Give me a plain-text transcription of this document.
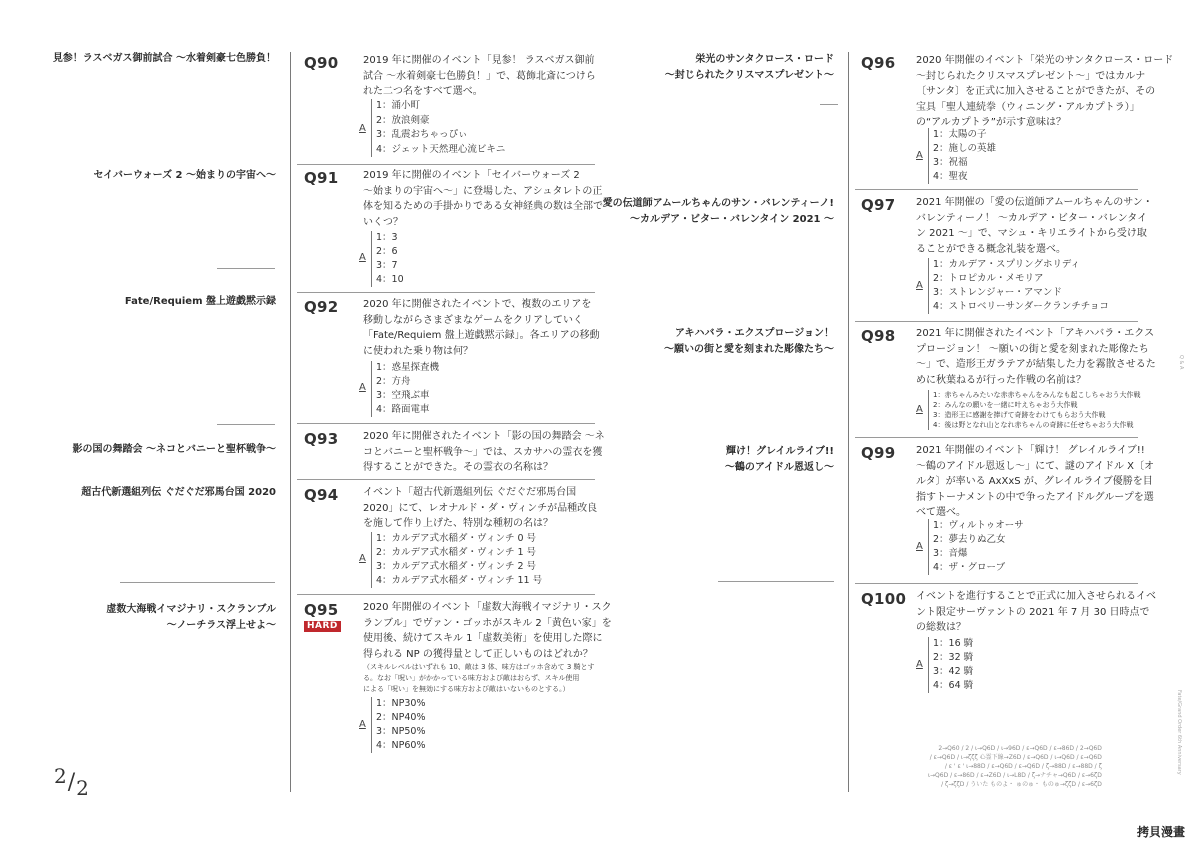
見参！ラスベガス御前試合 ～水着剣豪七色勝負！
セイバーウォーズ 2 ～始まりの宇宙へ～
Fate/Requiem 盤上遊戯黙示録
影の国の舞踏会 ～ネコとバニーと聖杯戦争～
超古代新選組列伝 ぐだぐだ邪馬台国 2020
虚数大海戦イマジナリ・スクランブル
～ノーチラス浮上せよ～
栄光のサンタクロース・ロード
～封じられたクリスマスプレゼント～
愛の伝道師アムールちゃんのサン・バレンティーノ!
～カルデア・ビター・バレンタイン 2021 ～
アキハバラ・エクスプロージョン！
～願いの街と愛を刻まれた彫像たち～
輝け！グレイルライブ!!
～鶴のアイドル恩返し～
Q90 2019 年に開催のイベント「見参！ ラスベガス御前
試合 ～水着剣豪七色勝負！」で、葛飾北斎につけら
れた二つ名をすべて選べ。
A
1：涌小町
2：放浪剣豪
3：乱震おちゃっぴぃ
4：ジェット天然理心流ビキニ
Q91 2019 年に開催のイベント「セイバーウォーズ 2
～始まりの宇宙へ～」に登場した、アシュタレトの正
体を知るための手掛かりである女神経典の数は全部で
いくつ？
A
1：3
2：6
3：7
4：10
Q92 2020 年に開催されたイベントで、複数のエリアを
移動しながらさまざまなゲームをクリアしていく
「Fate/Requiem 盤上遊戯黙示録」。各エリアの移動
に使われた乗り物は何？
A
1：惑星探査機
2：方舟
3：空飛ぶ車
4：路面電車
Q93 2020 年に開催されたイベント「影の国の舞踏会 ～ネ
コとバニーと聖杯戦争～」では、スカサハの霊衣を獲
得することができた。その霊衣の名称は？
Q94 イベント「超古代新選組列伝 ぐだぐだ邪馬台国
2020」にて、レオナルド・ダ・ヴィンチが品種改良
を施して作り上げた、特別な種籾の名は？
A
1：カルデア式水稲ダ・ヴィンチ 0 号
2：カルデア式水稲ダ・ヴィンチ 1 号
3：カルデア式水稲ダ・ヴィンチ 2 号
4：カルデア式水稲ダ・ヴィンチ 11 号
Q95
HARD
2020 年開催のイベント「虚数大海戦イマジナリ・スク
ランブル」でヴァン・ゴッホがスキル 2「黄色い家」を
使用後、続けてスキル 1「虚数美術」を使用した際に
得られる NP の獲得量として正しいものはどれか？
（スキルレベルはいずれも 10、敵は 3 体、味方はゴッホ含めて 3 騎とす
る。なお「呪い」がかかっている味方および敵はおらず、スキル使用
による「呪い」を無効にする味方および敵はいないものとする。）
A
1：NP30%
2：NP40%
3：NP50%
4：NP60%
Q96 2020 年開催のイベント「栄光のサンタクロース・ロード
～封じられたクリスマスプレゼント～」ではカルナ
〔サンタ〕を正式に加入させることができたが、その
宝具「聖人連続拳（ウィニング・アルカプトラ）」
の“アルカプトラ”が示す意味は？
A
1：太陽の子
2：施しの英雄
3：祝福
4：聖夜
Q97 2021 年開催の「愛の伝道師アムールちゃんのサン・
バレンティーノ！ ～カルデア・ビター・バレンタイ
ン 2021 ～」で、マシュ・キリエライトから受け取
ることができる概念礼装を選べ。
A
1：カルデア・スプリングホリディ
2：トロピカル・メモリア
3：ストレンジャー・アマンド
4：ストロベリーサンダークランチチョコ
Q98 2021 年に開催されたイベント「アキハバラ・エクス
プロージョン！ ～願いの街と愛を刻まれた彫像たち
～」で、造形王ガラテアが結集した力を霧散させるた
めに秋葉ねるが行った作戦の名前は？
A
1：赤ちゃんみたいな赤赤ちゃんをみんなも起こしちゃおう大作戦
2：みんなの願いを一緒に叶えちゃおう大作戦
3：造形王に感謝を捧げて奇跡をわけてもらおう大作戦
4：後は野となれ山となれ赤ちゃんの奇跡に任せちゃおう大作戦
Q99 2021 年開催のイベント「輝け！ グレイルライブ!!
～鶴のアイドル恩返し～」にて、謎のアイドル X〔オ
ルタ〕が率いる AxXxS が、グレイルライブ優勝を目
指すトーナメントの中で争ったアイドルグループを選
べて選べ。
A
1：ヴィルトゥオーサ
2：夢去りぬ乙女
3：音爆
4：ザ・グローブ
Q100 イベントを進行することで正式に加入させられるイベ
ント限定サーヴァントの 2021 年 7 月 30 日時点で
の総数は？
A
1：16 騎
2：32 騎
3：42 騎
4：64 騎
2→Q60 / 2 / ι→Q6D / ι→96D / ε→Q6D / ε→86D / 2→Q6D
/ ε→Q6D / ι→ζζζ 心霊下線→Z6D / ε→Q6D / ι→Q6D / ε→Q6D
/ ε ' ε ' ι→88D / ε→Q6D / ε→Q6D / ζ→88D / ε→88D / ζ
ι→Q6D / ε→86D / ε→Z6D / ι→L8D / ζ→ナチャ→Q6D / ε→6ζD
/ ζ→ζζD / ういた ものよ・ ゅのゅ・ ものゅ→ζζD / ε→6ζD
Fate/Grand Order 6th Anniversary
Q & A
2/2
拷貝漫畫
